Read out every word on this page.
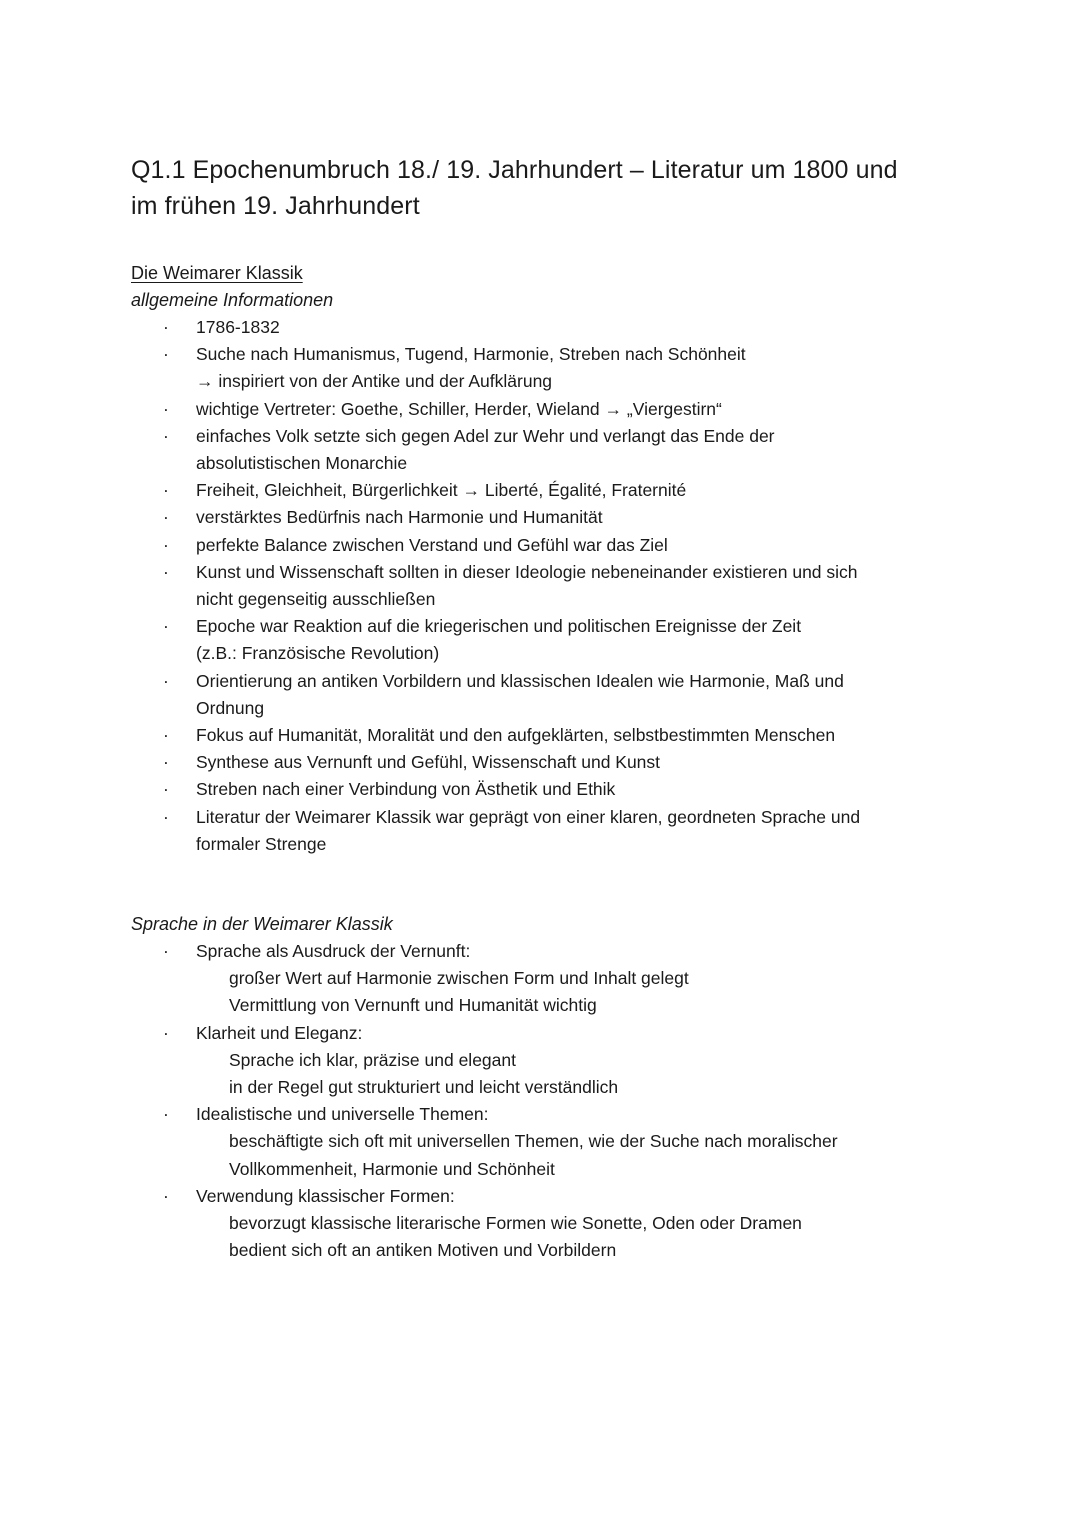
Q1.1 Epochenumbruch 18./ 19. Jahrhundert – Literatur um 1800 und
im frühen 19. Jahrhundert
Die Weimarer Klassik
allgemeine Informationen
· 1786-1832
· Suche nach Humanismus, Tugend, Harmonie, Streben nach Schönheit
→ inspiriert von der Antike und der Aufklärung
· wichtige Vertreter: Goethe, Schiller, Herder, Wieland → „Viergestirn“
· einfaches Volk setzte sich gegen Adel zur Wehr und verlangt das Ende der
absolutistischen Monarchie
· Freiheit, Gleichheit, Bürgerlichkeit → Liberté, Égalité, Fraternité
· verstärktes Bedürfnis nach Harmonie und Humanität
· perfekte Balance zwischen Verstand und Gefühl war das Ziel
· Kunst und Wissenschaft sollten in dieser Ideologie nebeneinander existieren und sich
nicht gegenseitig ausschließen
· Epoche war Reaktion auf die kriegerischen und politischen Ereignisse der Zeit
(z.B.: Französische Revolution)
· Orientierung an antiken Vorbildern und klassischen Idealen wie Harmonie, Maß und
Ordnung
· Fokus auf Humanität, Moralität und den aufgeklärten, selbstbestimmten Menschen
· Synthese aus Vernunft und Gefühl, Wissenschaft und Kunst
· Streben nach einer Verbindung von Ästhetik und Ethik
· Literatur der Weimarer Klassik war geprägt von einer klaren, geordneten Sprache und
formaler Strenge
Sprache in der Weimarer Klassik
· Sprache als Ausdruck der Vernunft:
großer Wert auf Harmonie zwischen Form und Inhalt gelegt
Vermittlung von Vernunft und Humanität wichtig
· Klarheit und Eleganz:
Sprache ich klar, präzise und elegant
in der Regel gut strukturiert und leicht verständlich
· Idealistische und universelle Themen:
beschäftigte sich oft mit universellen Themen, wie der Suche nach moralischer
Vollkommenheit, Harmonie und Schönheit
· Verwendung klassischer Formen:
bevorzugt klassische literarische Formen wie Sonette, Oden oder Dramen
bedient sich oft an antiken Motiven und Vorbildern
